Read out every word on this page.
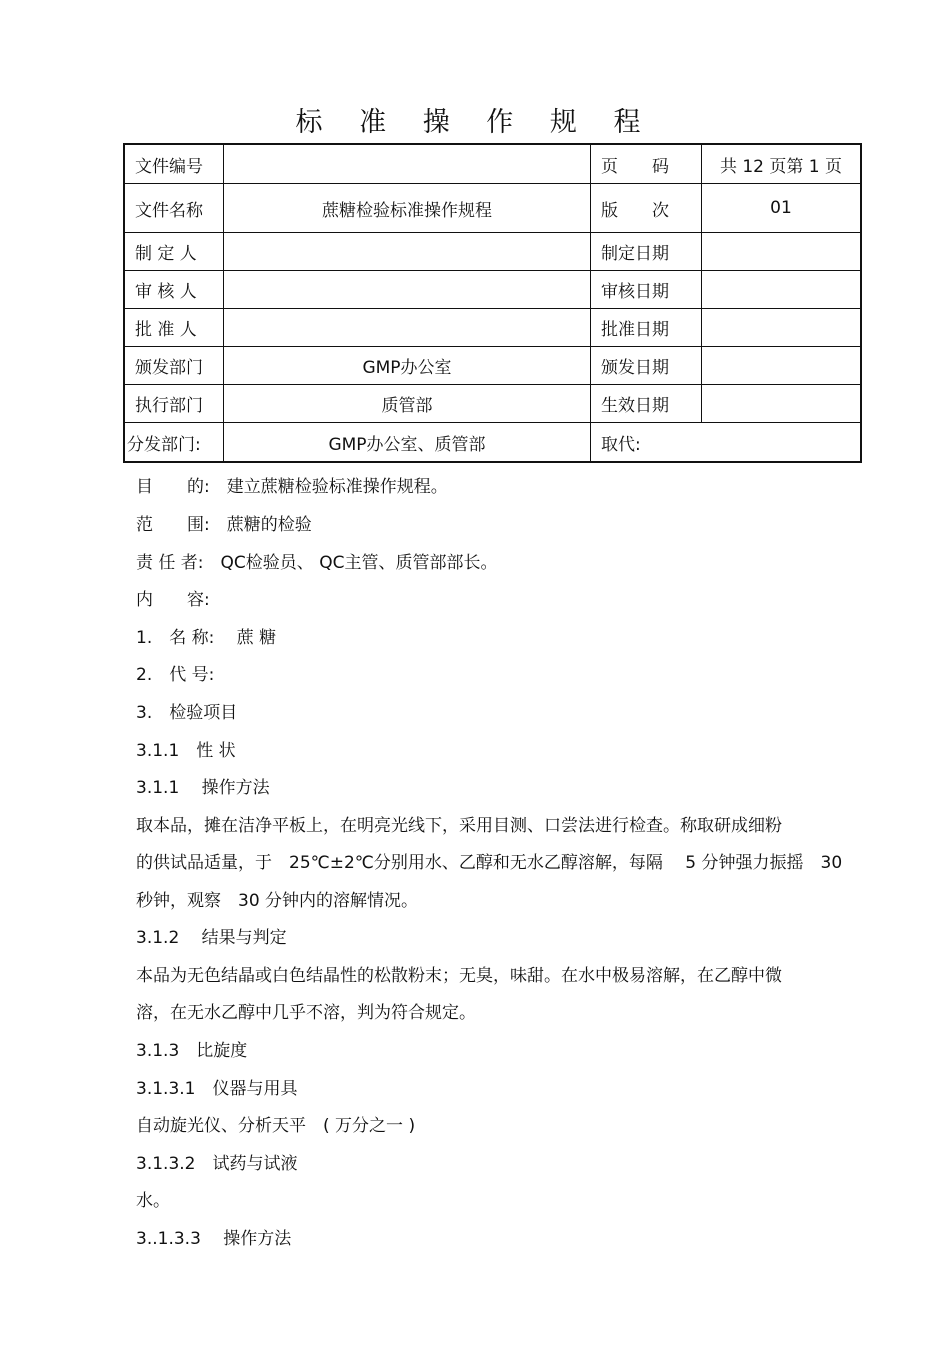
标 准 操 作 规 程
文件编号		页　　码	共 12 页第 1 页
文件名称	蔗糖检验标准操作规程	版　　次	01
制 定 人		制定日期	
审 核 人		审核日期	
批 准 人		批准日期	
颁发部门	GMP办公室	颁发日期	
执行部门	质管部	生效日期	
分发部门:	GMP办公室、质管部	取代:	
目　　的:　建立蔗糖检验标准操作规程。
范　　围:　蔗糖的检验
责 任 者:　QC检验员、 QC主管、质管部部长。
内　　容:
1.　名 称:　 蔗 糖
2.　代 号:
3.　检验项目
3.1.1　性 状
3.1.1　 操作方法
取本品，摊在洁净平板上，在明亮光线下，采用目测、口尝法进行检查。称取研成细粉
的供试品适量，于　25℃±2℃分别用水、乙醇和无水乙醇溶解，每隔　 5 分钟强力振摇　30
秒钟，观察　30 分钟内的溶解情况。
3.1.2　 结果与判定
本品为无色结晶或白色结晶性的松散粉末；无臭，味甜。在水中极易溶解，在乙醇中微
溶，在无水乙醇中几乎不溶，判为符合规定。
3.1.3　比旋度
3.1.3.1　仪器与用具
自动旋光仪、分析天平　( 万分之一 )
3.1.3.2　试药与试液
水。
3..1.3.3　 操作方法
